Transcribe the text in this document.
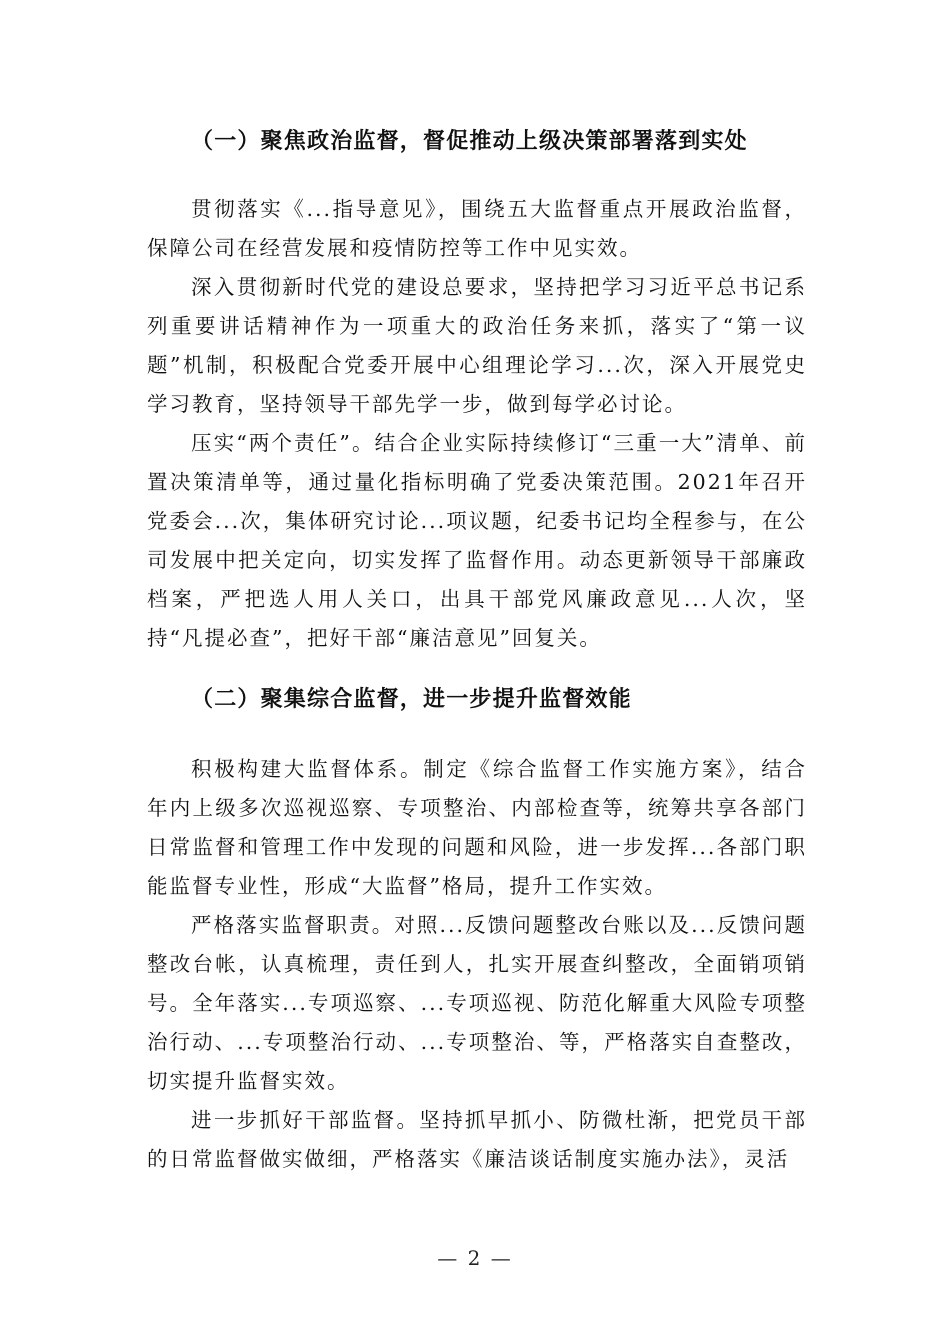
（一）聚焦政治监督，督促推动上级决策部署落到实处

贯彻落实《...指导意见》，围绕五大监督重点开展政治监督，保障公司在经营发展和疫情防控等工作中见实效。

深入贯彻新时代党的建设总要求，坚持把学习习近平总书记系列重要讲话精神作为一项重大的政治任务来抓，落实了“第一议题”机制，积极配合党委开展中心组理论学习...次，深入开展党史学习教育，坚持领导干部先学一步，做到每学必讨论。

压实“两个责任”。结合企业实际持续修订“三重一大”清单、前置决策清单等，通过量化指标明确了党委决策范围。2021年召开党委会...次，集体研究讨论...项议题，纪委书记均全程参与，在公司发展中把关定向，切实发挥了监督作用。动态更新领导干部廉政档案，严把选人用人关口，出具干部党风廉政意见...人次，坚持“凡提必查”，把好干部“廉洁意见”回复关。

（二）聚集综合监督，进一步提升监督效能

积极构建大监督体系。制定《综合监督工作实施方案》，结合年内上级多次巡视巡察、专项整治、内部检查等，统筹共享各部门日常监督和管理工作中发现的问题和风险，进一步发挥...各部门职能监督专业性，形成“大监督”格局，提升工作实效。

严格落实监督职责。对照...反馈问题整改台账以及...反馈问题整改台帐，认真梳理，责任到人，扎实开展查纠整改，全面销项销号。全年落实...专项巡察、...专项巡视、防范化解重大风险专项整治行动、...专项整治行动、...专项整治、等，严格落实自查整改，切实提升监督实效。

进一步抓好干部监督。坚持抓早抓小、防微杜渐，把党员干部的日常监督做实做细，严格落实《廉洁谈话制度实施办法》，灵活

— 2 —
